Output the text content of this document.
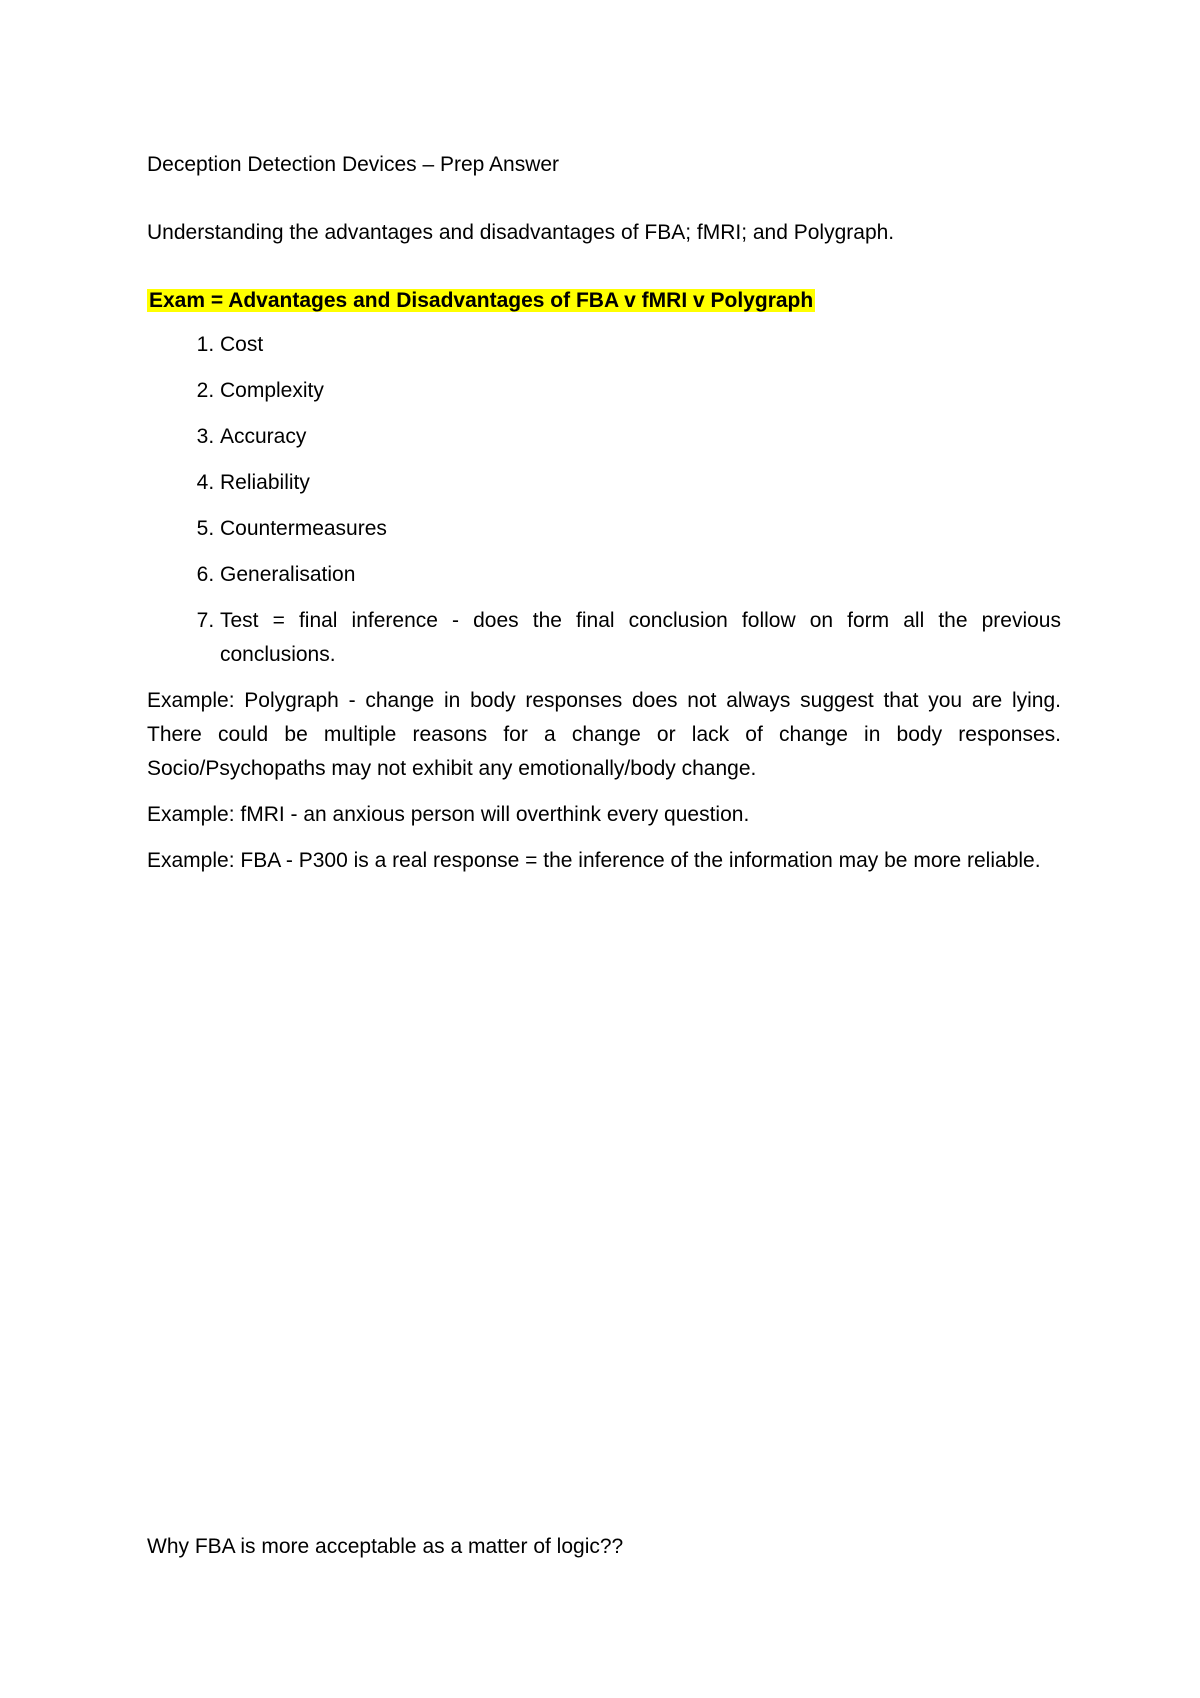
Deception Detection Devices – Prep Answer

Understanding the advantages and disadvantages of FBA; fMRI; and Polygraph.

Exam = Advantages and Disadvantages of FBA v fMRI v Polygraph

1. Cost
2. Complexity
3. Accuracy
4. Reliability
5. Countermeasures
6. Generalisation
7. Test = final inference - does the final conclusion follow on form all the previous conclusions.

Example: Polygraph - change in body responses does not always suggest that you are lying. There could be multiple reasons for a change or lack of change in body responses. Socio/Psychopaths may not exhibit any emotionally/body change.

Example: fMRI - an anxious person will overthink every question.

Example: FBA - P300 is a real response = the inference of the information may be more reliable.

Why FBA is more acceptable as a matter of logic??
